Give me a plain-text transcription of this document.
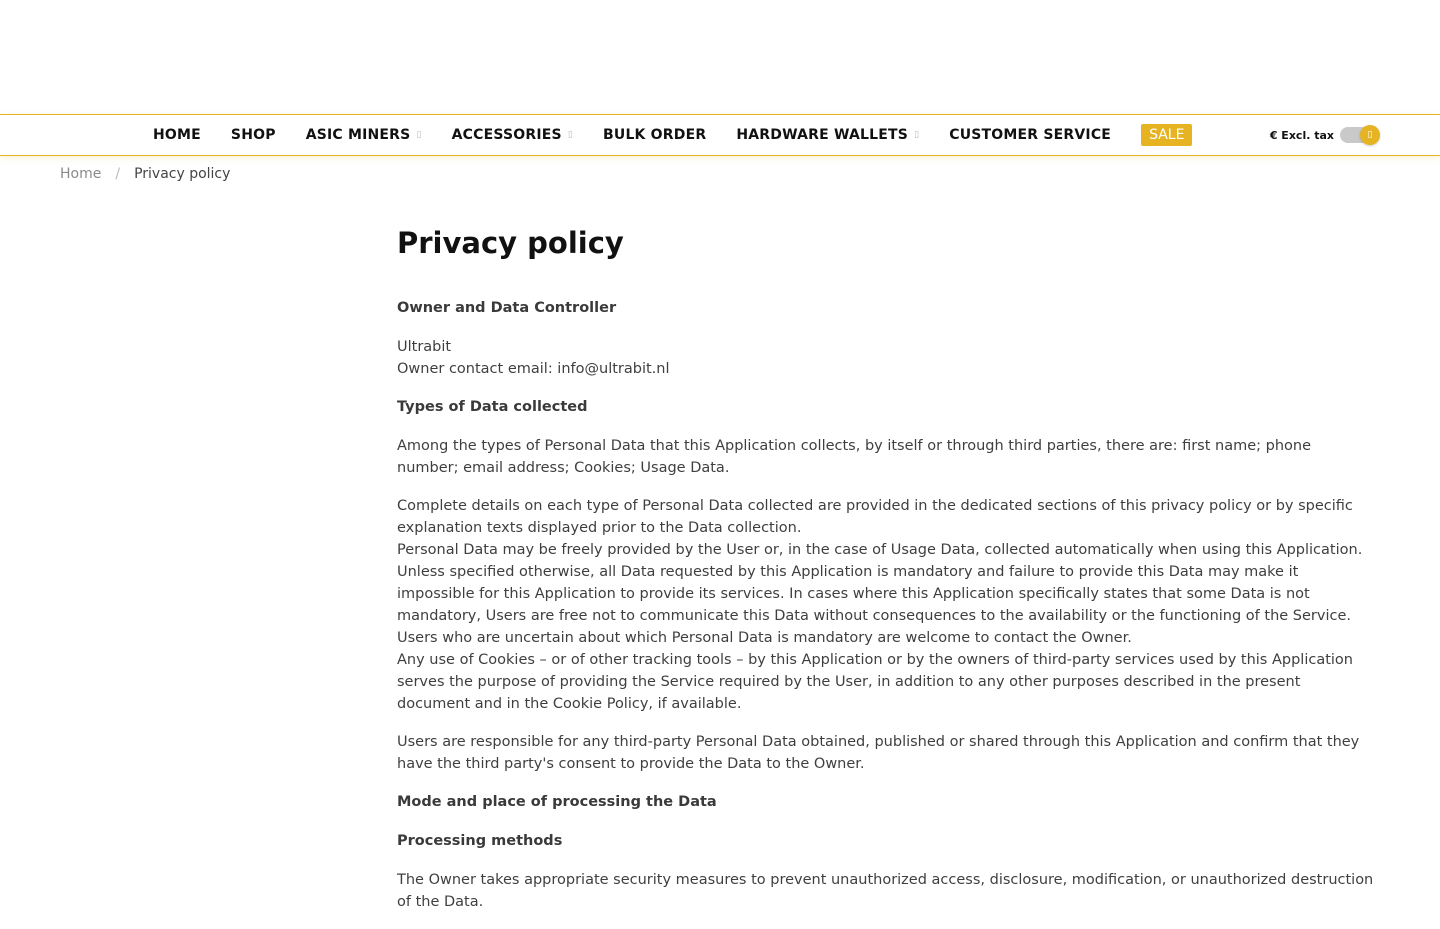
HOME SHOP ASIC MINERS ▯ ACCESSORIES ▯ BULK ORDER HARDWARE WALLETS ▯ CUSTOMER SERVICE	SALE	€ Excl. tax	▯
Home / Privacy policy
Privacy policy
Owner and Data Controller

Ultrabit

Owner contact email: info@ultrabit.nl

Types of Data collected

Among the types of Personal Data that this Application collects, by itself or through third parties, there are: first name; phone number; email address; Cookies; Usage Data.

Complete details on each type of Personal Data collected are provided in the dedicated sections of this privacy policy or by specific explanation texts displayed prior to the Data collection.

Personal Data may be freely provided by the User or, in the case of Usage Data, collected automatically when using this Application.

Unless specified otherwise, all Data requested by this Application is mandatory and failure to provide this Data may make it impossible for this Application to provide its services. In cases where this Application specifically states that some Data is not mandatory, Users are free not to communicate this Data without consequences to the availability or the functioning of the Service.

Users who are uncertain about which Personal Data is mandatory are welcome to contact the Owner.

Any use of Cookies – or of other tracking tools – by this Application or by the owners of third-party services used by this Application serves the purpose of providing the Service required by the User, in addition to any other purposes described in the present document and in the Cookie Policy, if available.

Users are responsible for any third-party Personal Data obtained, published or shared through this Application and confirm that they have the third party's consent to provide the Data to the Owner.

Mode and place of processing the Data
Processing methods

The Owner takes appropriate security measures to prevent unauthorized access, disclosure, modification, or unauthorized destruction of the Data.
